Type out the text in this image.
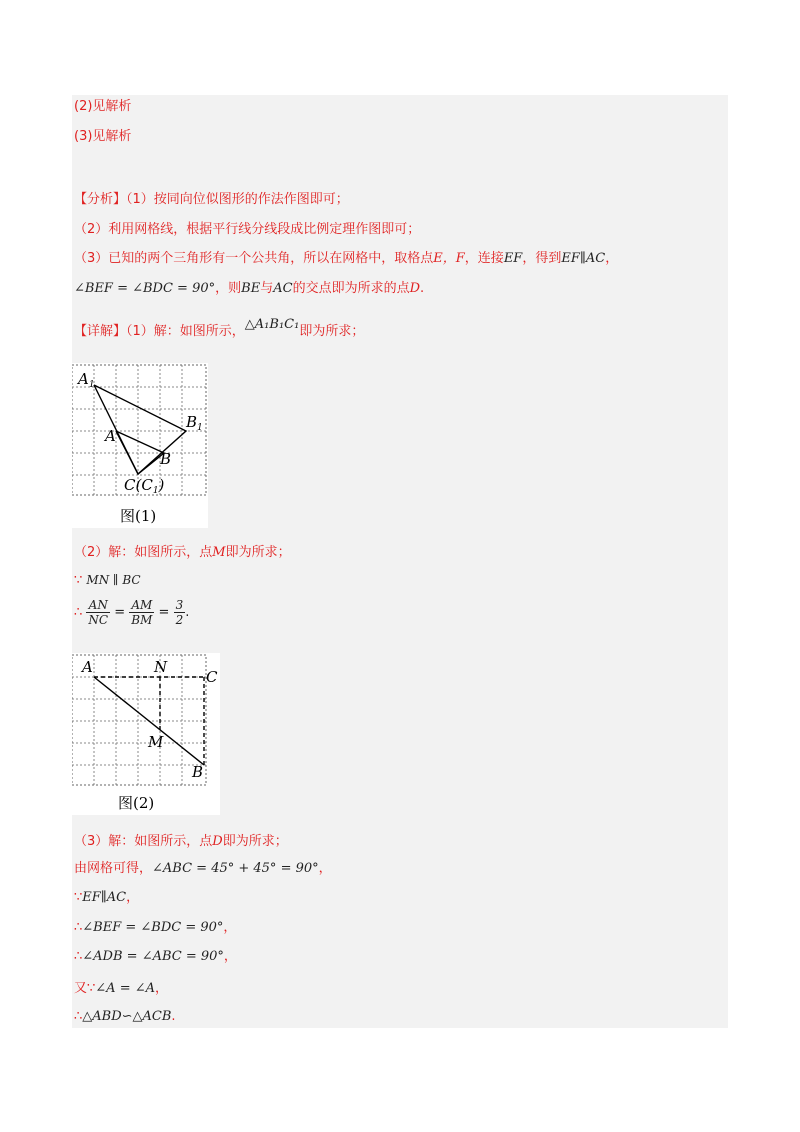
(2)见解析
(3)见解析
【分析】（1）按同向位似图形的作法作图即可；
（2）利用网格线，根据平行线分线段成比例定理作图即可；
（3）已知的两个三角形有一个公共角，所以在网格中，取格点E，F，连接EF，得到EF∥AC，
∠BEF = ∠BDC = 90°，则BE与AC的交点即为所求的点D.
【详解】（1）解：如图所示，△A₁B₁C₁即为所求；
$A_1$
A
$B_1$
B
$C(C_1)$
图(1)
（2）解：如图所示，点M即为所求；
∵ MN ∥ BC
∴ $\frac{AN}{NC} = \frac{AM}{BM} = \frac{3}{2}$ .
A	N
C
M
B
图(2)
（3）解：如图所示，点D即为所求；
由网格可得，∠ABC = 45° + 45° = 90°，
∵EF∥AC，
∴∠BEF = ∠BDC = 90°，
∴∠ADB = ∠ABC = 90°，
又∵∠A = ∠A，
∴△ABD∽△ACB.
